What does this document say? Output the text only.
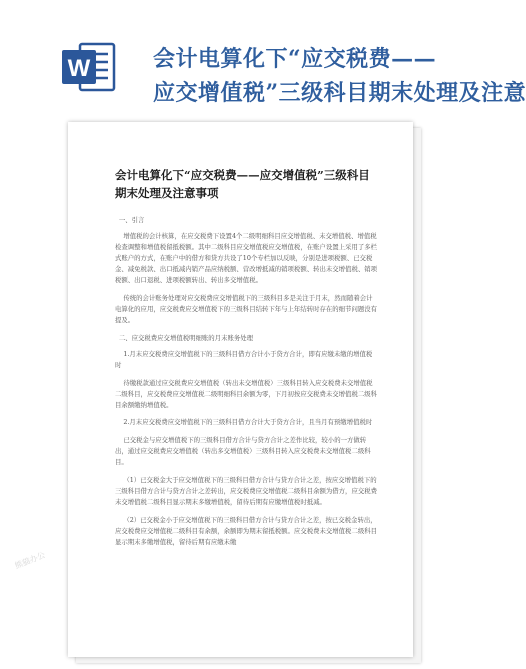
W	会计电算化下“应交税费——
应交增值税”三级科目期末处理及注意
会计电算化下“应交税费——应交增值税”三级科目期末处理及注意事项

一、引言

增值税的会计核算，在应交税费下设置4个二级明细科目应交增值税、未交增值税、增值税检查调整和增值税留抵税额。其中二级科目应交增值税应交增值税，在账户设置上采用了多栏式账户的方式，在账户中的借方和贷方共设了10个专栏加以反映，分别是进项税额、已交税金、减免税款、出口抵减内销产品应纳税额、营改增抵减的销项税额、转出未交增值税、销项税额、出口退税、进项税额转出、转出多交增值税。

传统的会计账务处理对应交税费应交增值税下的三级科目多是关注于月末，然而随着会计电算化的应用，应交税费应交增值税下的三级科目结转下年与上年结转时存在的细节问题没有提及。

二、应交税费应交增值税明细账的月末账务处理

1.月末应交税费应交增值税下的三级科目借方合计小于贷方合计，即有应缴未缴的增值税时

待缴税款通过应交税费应交增值税（转出未交增值税）三级科目转入应交税费未交增值税二级科目，应交税费应交增值税二级明细科目余额为零，下月初按应交税费未交增值税二级科目余额缴纳增值税。

2.月末应交税费应交增值税下的三级科目借方合计大于贷方合计，且当月有预缴增值税时

已交税金与应交增值税下的三级科目借方合计与贷方合计之差作比较，较小的一方做转出，通过应交税费应交增值税（转出多交增值税）三级科目转入应交税费未交增值税二级科目。

（1）已交税金大于应交增值税下的三级科目借方合计与贷方合计之差，按应交增值税下的三级科目借方合计与贷方合计之差转出，应交税费应交增值税二级科目余额为借方，应交税费未交增值税二级科目显示期末多缴增值税，留待后期有应缴增值税时抵减。

（2）已交税金小于应交增值税下的三级科目借方合计与贷方合计之差，按已交税金转出，应交税费应交增值税二级科目有余额，余额即为期末留抵税额。应交税费未交增值税二级科目显示期末多缴增值税，留待后期有应缴未缴

熊猫办公
